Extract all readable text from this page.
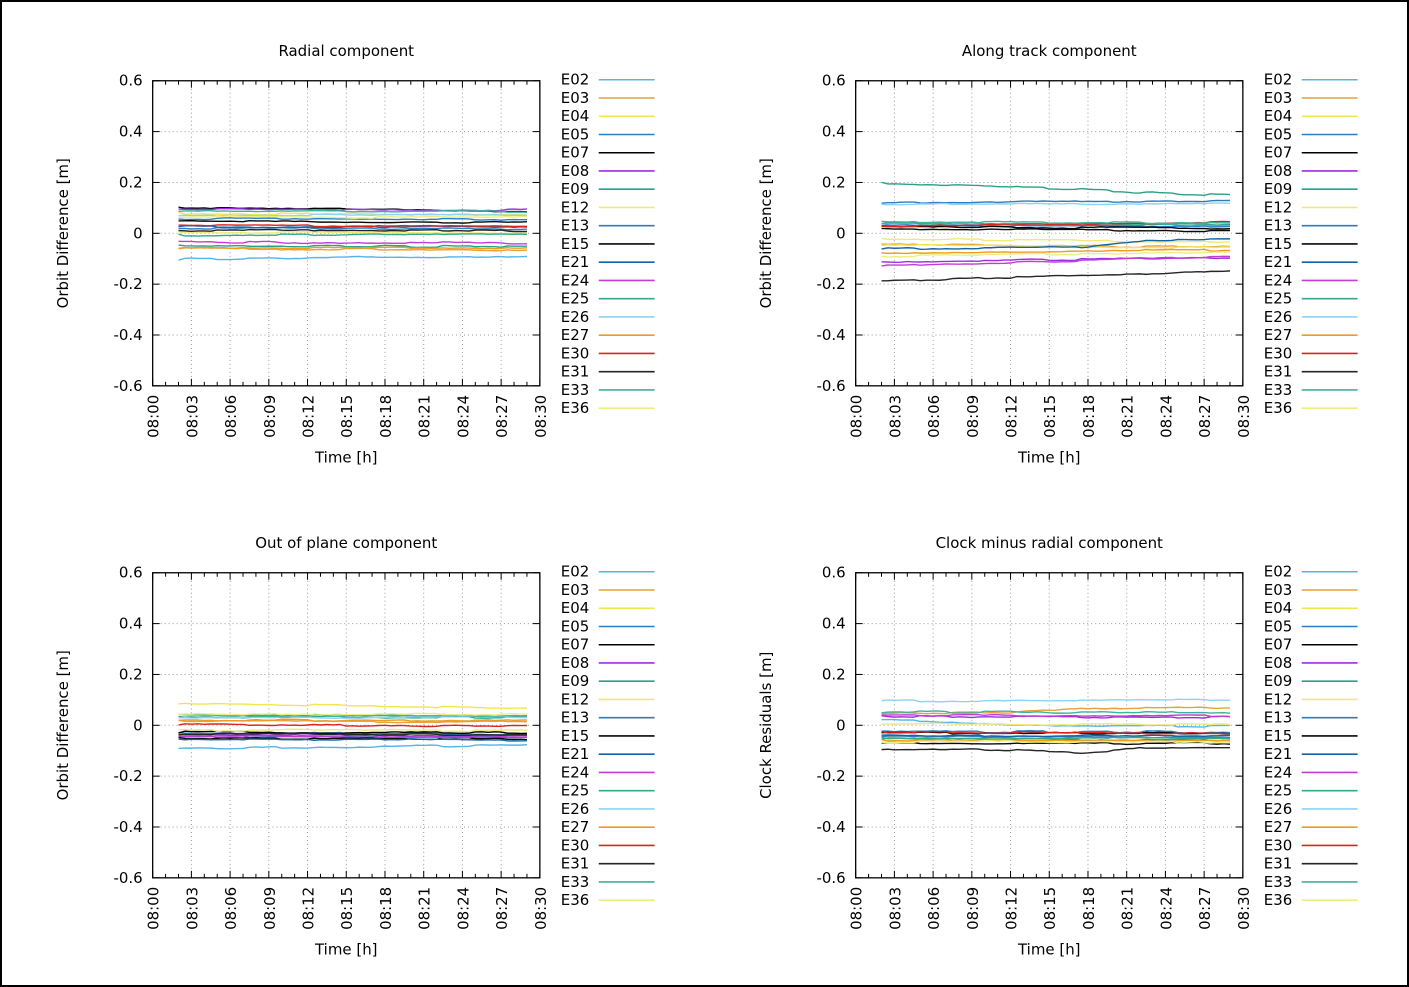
Radial component
Orbit Difference [m]
Time [h]
0.6
0.4
0.2
0
-0.2
-0.4
-0.6
08:00 08:03 08:06 08:09 08:12 08:15 08:18 08:21 08:24 08:27 08:30
E02
E03
E04
E05
E07
E08
E09
E12
E13
E15
E21
E24
E25
E26
E27
E30
E31
E33
E36
Along track component
Orbit Difference [m]
Time [h]
0.6
0.4
0.2
0
-0.2
-0.4
-0.6
08:00 08:03 08:06 08:09 08:12 08:15 08:18 08:21 08:24 08:27 08:30
E02
E03
E04
E05
E07
E08
E09
E12
E13
E15
E21
E24
E25
E26
E27
E30
E31
E33
E36
Out of plane component
Orbit Difference [m]
Time [h]
0.6
0.4
0.2
0
-0.2
-0.4
-0.6
08:00 08:03 08:06 08:09 08:12 08:15 08:18 08:21 08:24 08:27 08:30
E02
E03
E04
E05
E07
E08
E09
E12
E13
E15
E21
E24
E25
E26
E27
E30
E31
E33
E36
Clock minus radial component
Clock Residuals [m]
Time [h]
0.6
0.4
0.2
0
-0.2
-0.4
-0.6
08:00 08:03 08:06 08:09 08:12 08:15 08:18 08:21 08:24 08:27 08:30
E02
E03
E04
E05
E07
E08
E09
E12
E13
E15
E21
E24
E25
E26
E27
E30
E31
E33
E36
